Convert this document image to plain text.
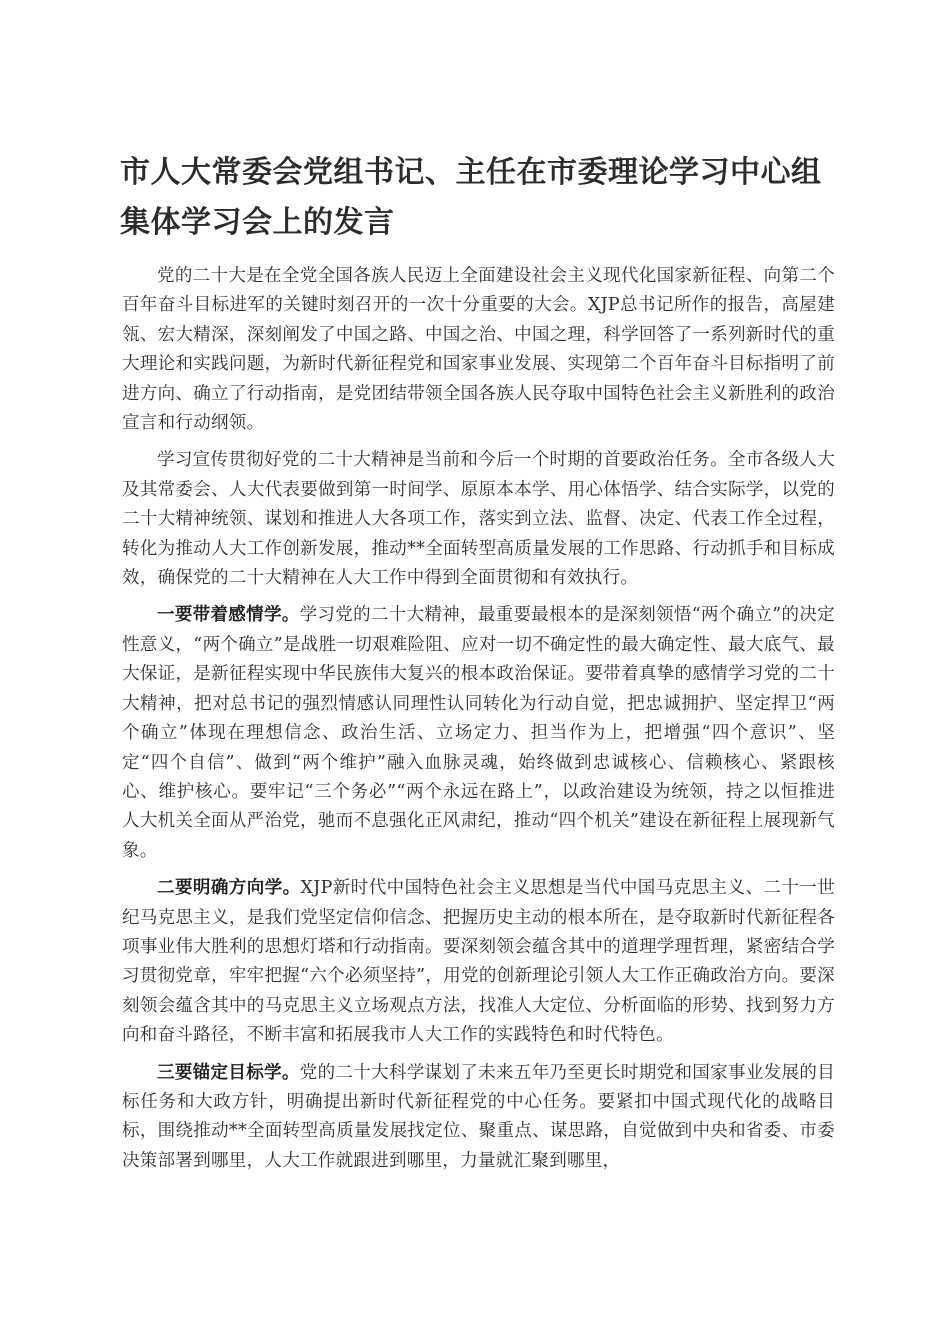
市人大常委会党组书记、主任在市委理论学习中心组集体学习会上的发言

党的二十大是在全党全国各族人民迈上全面建设社会主义现代化国家新征程、向第二个百年奋斗目标进军的关键时刻召开的一次十分重要的大会。XJP总书记所作的报告，高屋建瓴、宏大精深，深刻阐发了中国之路、中国之治、中国之理，科学回答了一系列新时代的重大理论和实践问题，为新时代新征程党和国家事业发展、实现第二个百年奋斗目标指明了前进方向、确立了行动指南，是党团结带领全国各族人民夺取中国特色社会主义新胜利的政治宣言和行动纲领。

学习宣传贯彻好党的二十大精神是当前和今后一个时期的首要政治任务。全市各级人大及其常委会、人大代表要做到第一时间学、原原本本学、用心体悟学、结合实际学，以党的二十大精神统领、谋划和推进人大各项工作，落实到立法、监督、决定、代表工作全过程，转化为推动人大工作创新发展，推动**全面转型高质量发展的工作思路、行动抓手和目标成效，确保党的二十大精神在人大工作中得到全面贯彻和有效执行。

一要带着感情学。学习党的二十大精神，最重要最根本的是深刻领悟“两个确立”的决定性意义，“两个确立”是战胜一切艰难险阻、应对一切不确定性的最大确定性、最大底气、最大保证，是新征程实现中华民族伟大复兴的根本政治保证。要带着真挚的感情学习党的二十大精神，把对总书记的强烈情感认同理性认同转化为行动自觉，把忠诚拥护、坚定捍卫“两个确立”体现在理想信念、政治生活、立场定力、担当作为上，把增强“四个意识”、坚定“四个自信”、做到“两个维护”融入血脉灵魂，始终做到忠诚核心、信赖核心、紧跟核心、维护核心。要牢记“三个务必”“两个永远在路上”，以政治建设为统领，持之以恒推进人大机关全面从严治党，驰而不息强化正风肃纪，推动“四个机关”建设在新征程上展现新气象。

二要明确方向学。XJP新时代中国特色社会主义思想是当代中国马克思主义、二十一世纪马克思主义，是我们党坚定信仰信念、把握历史主动的根本所在，是夺取新时代新征程各项事业伟大胜利的思想灯塔和行动指南。要深刻领会蕴含其中的道理学理哲理，紧密结合学习贯彻党章，牢牢把握“六个必须坚持”，用党的创新理论引领人大工作正确政治方向。要深刻领会蕴含其中的马克思主义立场观点方法，找准人大定位、分析面临的形势、找到努力方向和奋斗路径，不断丰富和拓展我市人大工作的实践特色和时代特色。

三要锚定目标学。党的二十大科学谋划了未来五年乃至更长时期党和国家事业发展的目标任务和大政方针，明确提出新时代新征程党的中心任务。要紧扣中国式现代化的战略目标，围绕推动**全面转型高质量发展找定位、聚重点、谋思路，自觉做到中央和省委、市委决策部署到哪里，人大工作就跟进到哪里，力量就汇聚到哪里，
